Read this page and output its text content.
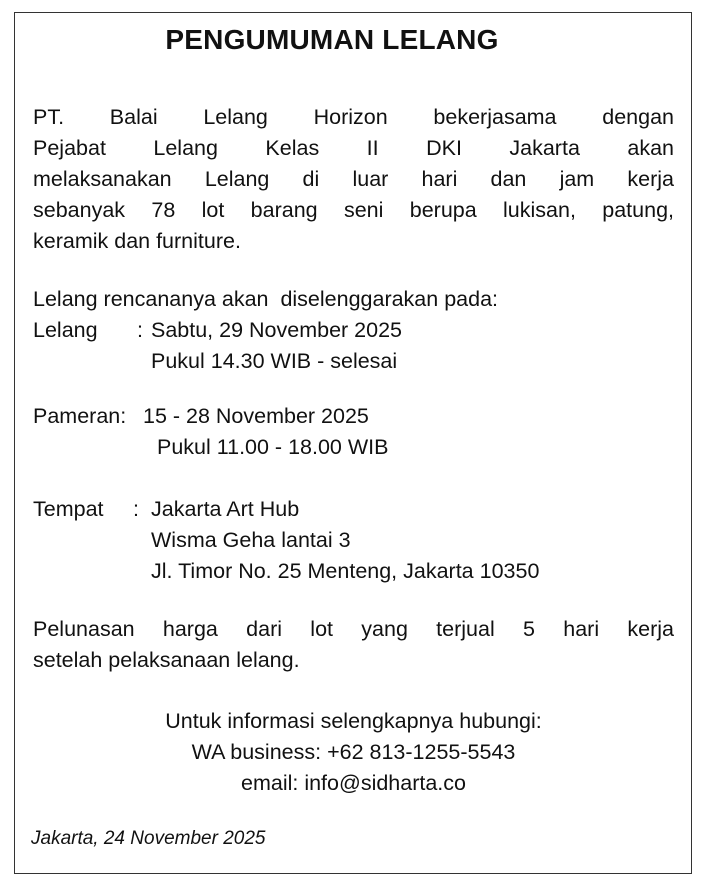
PENGUMUMAN LELANG
PT. Balai Lelang Horizon bekerjasama dengan
Pejabat Lelang Kelas II DKI Jakarta akan
melaksanakan Lelang di luar hari dan jam kerja
sebanyak 78 lot barang seni berupa lukisan, patung,
keramik dan furniture.
Lelang rencananya akan  diselenggarakan pada:
Lelang	: Sabtu, 29 November 2025
Pukul 14.30 WIB - selesai
Pameran: 15 - 28 November 2025
Pukul 11.00 - 18.00 WIB
Tempat	: Jakarta Art Hub
Wisma Geha lantai 3
Jl. Timor No. 25 Menteng, Jakarta 10350
Pelunasan harga dari lot yang terjual 5 hari kerja
setelah pelaksanaan lelang.
Untuk informasi selengkapnya hubungi:
WA business: +62 813-1255-5543
email: info@sidharta.co
Jakarta, 24 November 2025
